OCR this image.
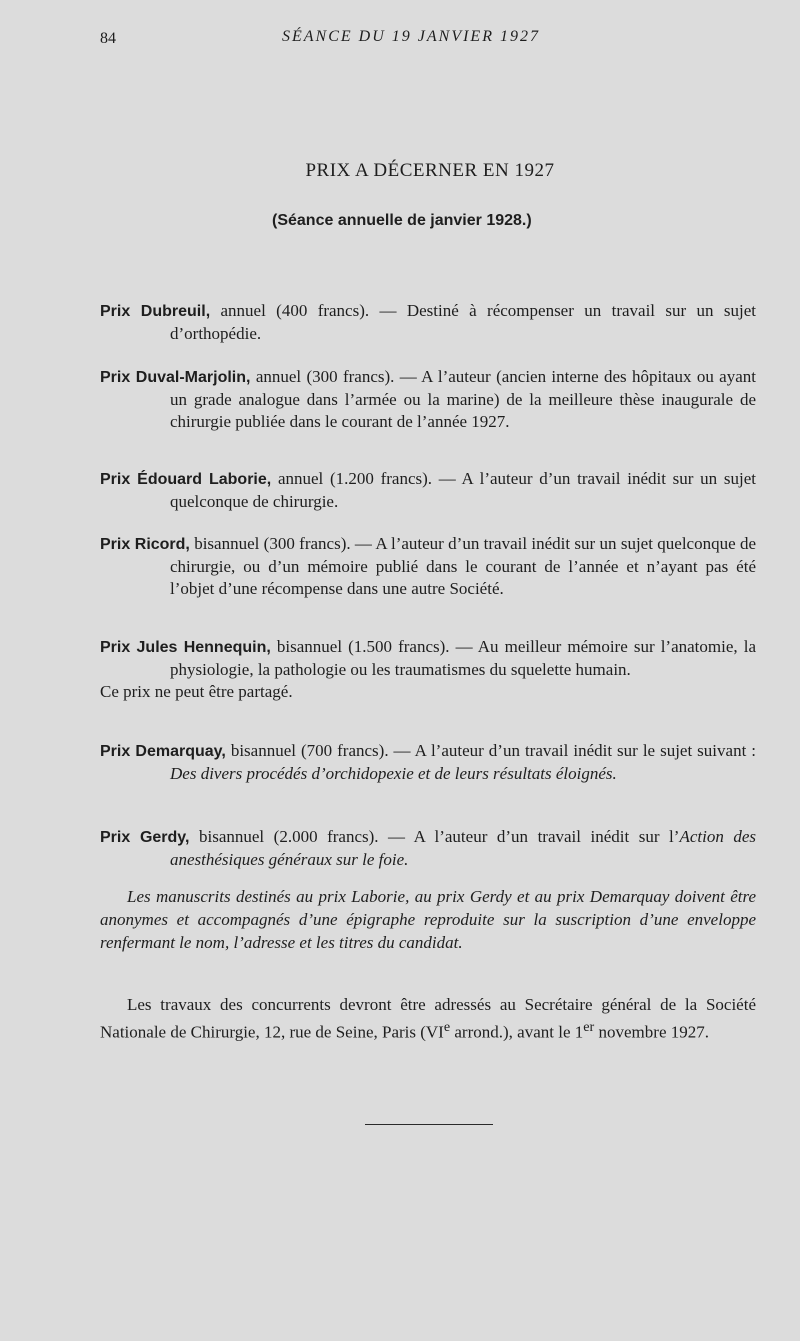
84	SÉANCE DU 19 JANVIER 1927
PRIX A DÉCERNER EN 1927
(Séance annuelle de janvier 1928.)

Prix Dubreuil, annuel (400 francs). — Destiné à récompenser un travail sur un sujet d’orthopédie.

Prix Duval-Marjolin, annuel (300 francs). — A l’auteur (ancien interne des hôpitaux ou ayant un grade analogue dans l’armée ou la marine) de la meilleure thèse inaugurale de chirurgie publiée dans le courant de l’année 1927.

Prix Édouard Laborie, annuel (1.200 francs). — A l’auteur d’un travail inédit sur un sujet quelconque de chirurgie.

Prix Ricord, bisannuel (300 francs). — A l’auteur d’un travail inédit sur un sujet quelconque de chirurgie, ou d’un mémoire publié dans le courant de l’année et n’ayant pas été l’objet d’une récompense dans une autre Société.

Prix Jules Hennequin, bisannuel (1.500 francs). — Au meilleur mémoire sur l’anatomie, la physiologie, la pathologie ou les traumatismes du squelette humain.

Ce prix ne peut être partagé.

Prix Demarquay, bisannuel (700 francs). — A l’auteur d’un travail inédit sur le sujet suivant : Des divers procédés d’orchidopexie et de leurs résultats éloignés.

Prix Gerdy, bisannuel (2.000 francs). — A l’auteur d’un travail inédit sur l’Action des anesthésiques généraux sur le foie.

Les manuscrits destinés au prix Laborie, au prix Gerdy et au prix Demarquay doivent être anonymes et accompagnés d’une épigraphe reproduite sur la suscription d’une enveloppe renfermant le nom, l’adresse et les titres du candidat.

Les travaux des concurrents devront être adressés au Secrétaire général de la Société Nationale de Chirurgie, 12, rue de Seine, Paris (VIe arrond.), avant le 1er novembre 1927.
